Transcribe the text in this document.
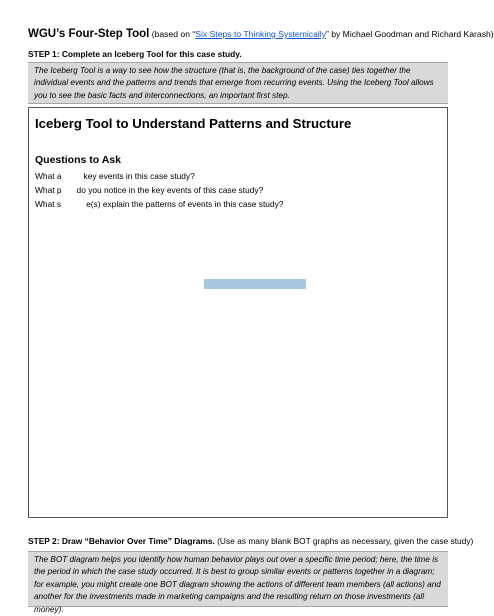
WGU’s Four-Step Tool (based on “Six Steps to Thinking Systemically” by Michael Goodman and Richard Karash)
STEP 1: Complete an Iceberg Tool for this case study.
The Iceberg Tool is a way to see how the structure (that is, the background of the case) ties together the individual events and the patterns and trends that emerge from recurring events. Using the Iceberg Tool allows you to see the basic facts and interconnections, an important first step.
Iceberg Tool to Understand Patterns and Structure
Questions to Ask
What a	key events in this case study?
What p do you notice in the key events of this case study?
What s	e(s) explain the patterns of events in this case study?
STEP 2: Draw “Behavior Over Time” Diagrams. (Use as many blank BOT graphs as necessary, given the case study)
The BOT diagram helps you identify how human behavior plays out over a specific time period; here, the time is the period in which the case study occurred. It is best to group similar events or patterns together in a diagram; for example, you might create one BOT diagram showing the actions of different team members (all actions) and another for the investments made in marketing campaigns and the resulting return on those investments (all money).
